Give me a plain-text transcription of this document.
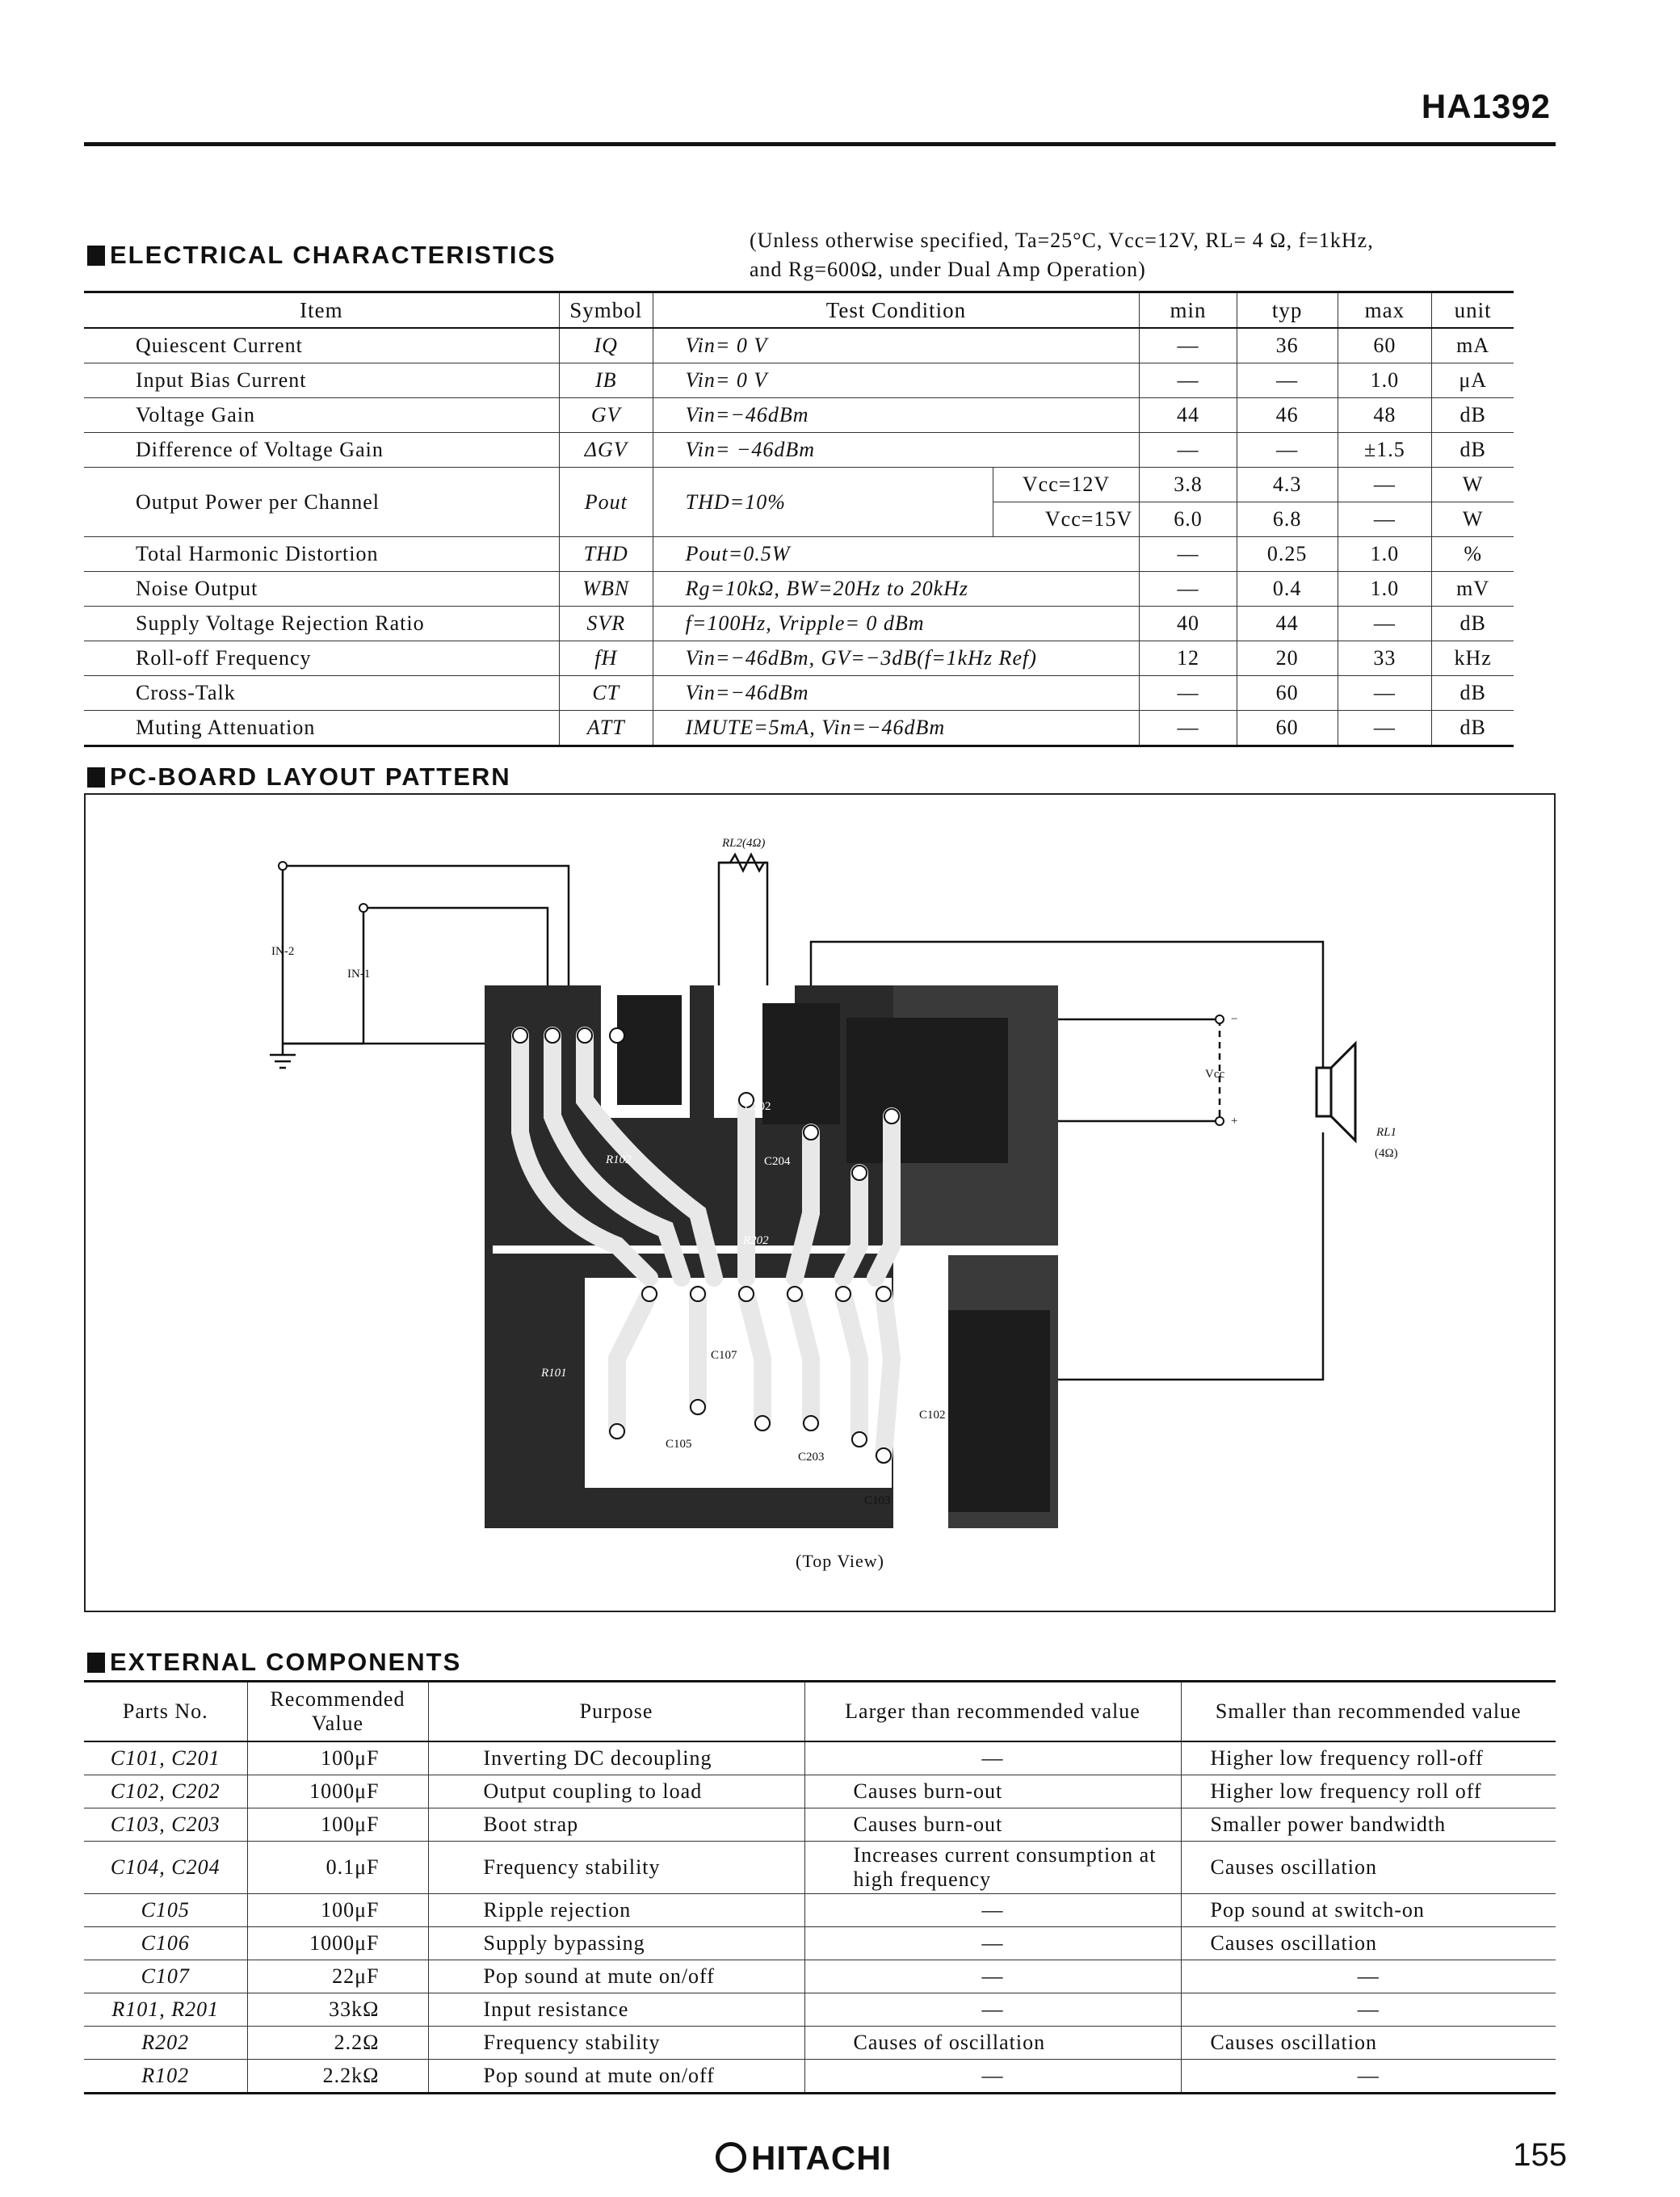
HA1392
ELECTRICAL CHARACTERISTICS
(Unless otherwise specified, Ta=25°C, Vcc=12V, RL= 4 Ω, f=1kHz,
and Rg=600Ω, under Dual Amp Operation)
Item	Symbol	Test Condition		min	typ	max	unit
Quiescent Current	IQ	Vin= 0 V		—	36	60	mA
Input Bias Current	IB	Vin= 0 V		—	—	1.0	μA
Voltage Gain	GV	Vin=−46dBm		44	46	48	dB
Difference of Voltage Gain	ΔGV	Vin= −46dBm		—	—	±1.5	dB
Output Power per Channel	Pout	THD=10%	Vcc=12V	3.8	4.3	—	W
			Vcc=15V	6.0	6.8	—	W
Total Harmonic Distortion	THD	Pout=0.5W		—	0.25	1.0	%
Noise Output	WBN	Rg=10kΩ, BW=20Hz to 20kHz		—	0.4	1.0	mV
Supply Voltage Rejection Ratio	SVR	f=100Hz, Vripple= 0 dBm		40	44	—	dB
Roll-off Frequency	fH	Vin=−46dBm, GV=−3dB(f=1kHz Ref)		12	20	33	kHz
Cross-Talk	CT	Vin=−46dBm		—	60	—	dB
Muting Attenuation	ATT	IMUTE=5mA, Vin=−46dBm		—	60	—	dB
PC-BOARD LAYOUT PATTERN
IN-2
IN-1
RL2(4Ω)
Vcc
−
+
RL1
(4Ω)
C202
C204
R102
R202
C107
C105
C203
C103
C102
1
R101
(Top View)
EXTERNAL COMPONENTS
Parts No.	Recommended Value	Purpose	Larger than recommended value	Smaller than recommended value
C101, C201	100μF	Inverting DC decoupling	—	Higher low frequency roll-off
C102, C202	1000μF	Output coupling to load	Causes burn-out	Higher low frequency roll off
C103, C203	100μF	Boot strap	Causes burn-out	Smaller power bandwidth
C104, C204	0.1μF	Frequency stability	Increases current consumption at high frequency	Causes oscillation
C105	100μF	Ripple rejection	—	Pop sound at switch-on
C106	1000μF	Supply bypassing	—	Causes oscillation
C107	22μF	Pop sound at mute on/off	—	—
R101, R201	33kΩ	Input resistance	—	—
R202	2.2Ω	Frequency stability	Causes of oscillation	Causes oscillation
R102	2.2kΩ	Pop sound at mute on/off	—	—
HITACHI	155
